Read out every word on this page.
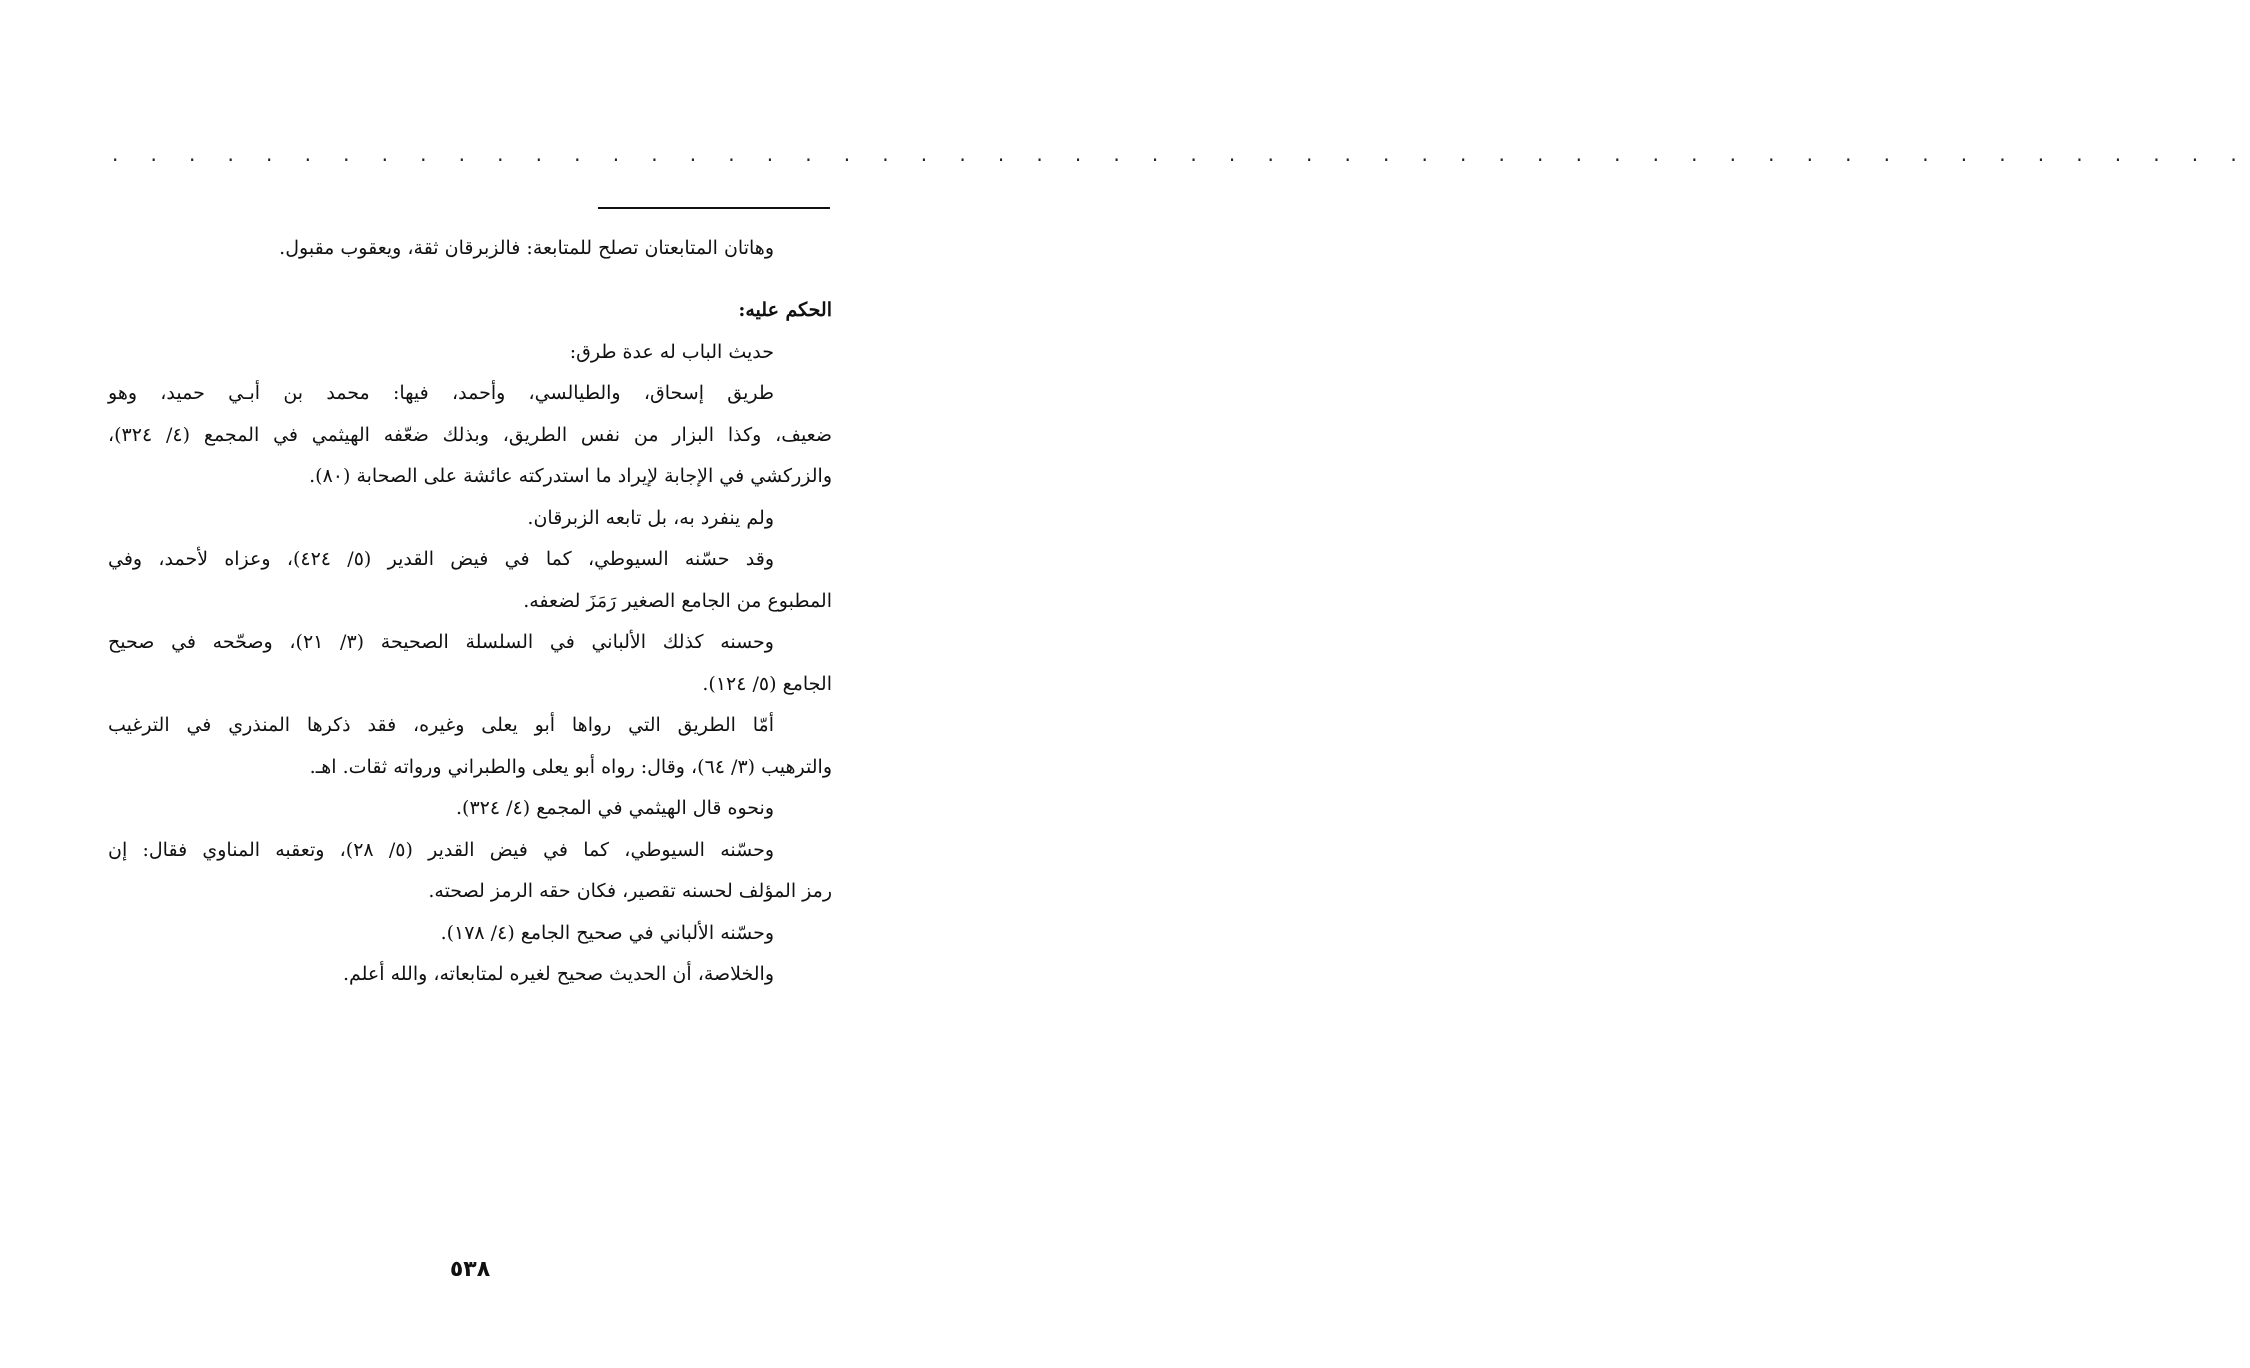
. . . . . . . . . . . . . . . . . . . . . . . . . . . . . . . . . . . . . . . . . . . . . . . . . . . . . . . .
وهاتان المتابعتان تصلح للمتابعة: فالزبرقان ثقة، ويعقوب مقبول.
الحكم عليه:
حديث الباب له عدة طرق:
طريق إسحاق، والطيالسي، وأحمد، فيها: محمد بن أبـي حميد، وهو
ضعيف، وكذا البزار من نفس الطريق، وبذلك ضعّفه الهيثمي في المجمع (٤/ ٣٢٤)،
والزركشي في الإجابة لإيراد ما استدركته عائشة على الصحابة (٨٠).
ولم ينفرد به، بل تابعه الزبرقان.
وقد حسّنه السيوطي، كما في فيض القدير (٥/ ٤٢٤)، وعزاه لأحمد، وفي
المطبوع من الجامع الصغير رَمَزَ لضعفه.
وحسنه كذلك الألباني في السلسلة الصحيحة (٣/ ٢١)، وصحّحه في صحيح
الجامع (٥/ ١٢٤).
أمّا الطريق التي رواها أبو يعلى وغيره، فقد ذكرها المنذري في الترغيب
والترهيب (٣/ ٦٤)، وقال: رواه أبو يعلى والطبراني ورواته ثقات. اهـ.
ونحوه قال الهيثمي في المجمع (٤/ ٣٢٤).
وحسّنه السيوطي، كما في فيض القدير (٥/ ٢٨)، وتعقبه المناوي فقال: إن
رمز المؤلف لحسنه تقصير، فكان حقه الرمز لصحته.
وحسّنه الألباني في صحيح الجامع (٤/ ١٧٨).
والخلاصة، أن الحديث صحيح لغيره لمتابعاته، والله أعلم.
٥٣٨
